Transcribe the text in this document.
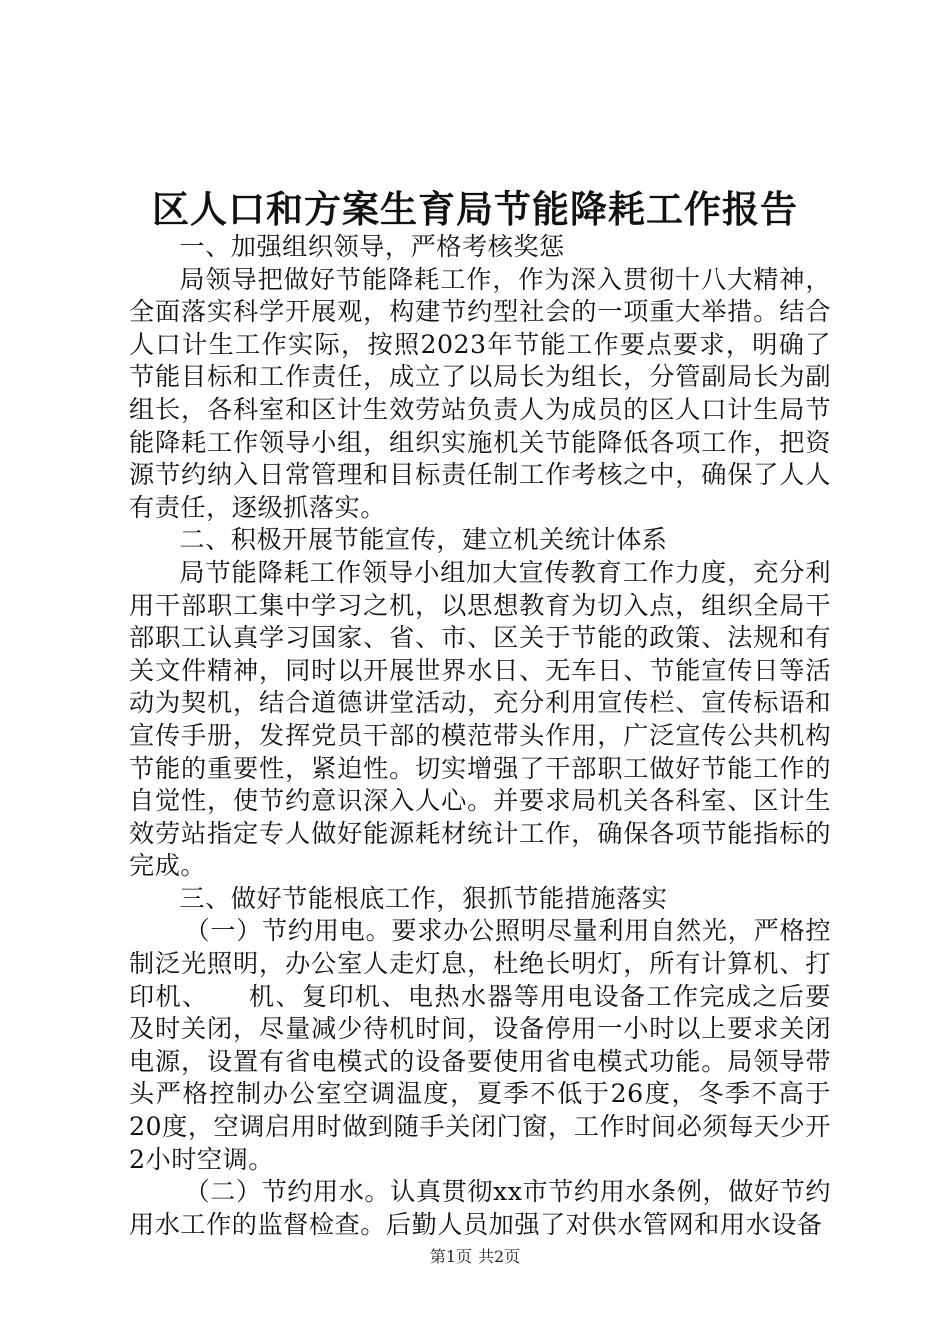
区人口和方案生育局节能降耗工作报告

一、加强组织领导，严格考核奖惩

局领导把做好节能降耗工作，作为深入贯彻十八大精神，全面落实科学开展观，构建节约型社会的一项重大举措。结合人口计生工作实际，按照2023年节能工作要点要求，明确了节能目标和工作责任，成立了以局长为组长，分管副局长为副组长，各科室和区计生效劳站负责人为成员的区人口计生局节能降耗工作领导小组，组织实施机关节能降低各项工作，把资源节约纳入日常管理和目标责任制工作考核之中，确保了人人有责任，逐级抓落实。

二、积极开展节能宣传，建立机关统计体系

局节能降耗工作领导小组加大宣传教育工作力度，充分利用干部职工集中学习之机，以思想教育为切入点，组织全局干部职工认真学习国家、省、市、区关于节能的政策、法规和有关文件精神，同时以开展世界水日、无车日、节能宣传日等活动为契机，结合道德讲堂活动，充分利用宣传栏、宣传标语和宣传手册，发挥党员干部的模范带头作用，广泛宣传公共机构节能的重要性，紧迫性。切实增强了干部职工做好节能工作的自觉性，使节约意识深入人心。并要求局机关各科室、区计生效劳站指定专人做好能源耗材统计工作，确保各项节能指标的完成。

三、做好节能根底工作，狠抓节能措施落实

（一）节约用电。要求办公照明尽量利用自然光，严格控制泛光照明，办公室人走灯息，杜绝长明灯，所有计算机、打印机、　　机、复印机、电热水器等用电设备工作完成之后要及时关闭，尽量减少待机时间，设备停用一小时以上要求关闭电源，设置有省电模式的设备要使用省电模式功能。局领导带头严格控制办公室空调温度，夏季不低于26度，冬季不高于20度，空调启用时做到随手关闭门窗，工作时间必须每天少开2小时空调。

（二）节约用水。认真贯彻xx市节约用水条例，做好节约用水工作的监督检查。后勤人员加强了对供水管网和用水设备

第1页 共2页
